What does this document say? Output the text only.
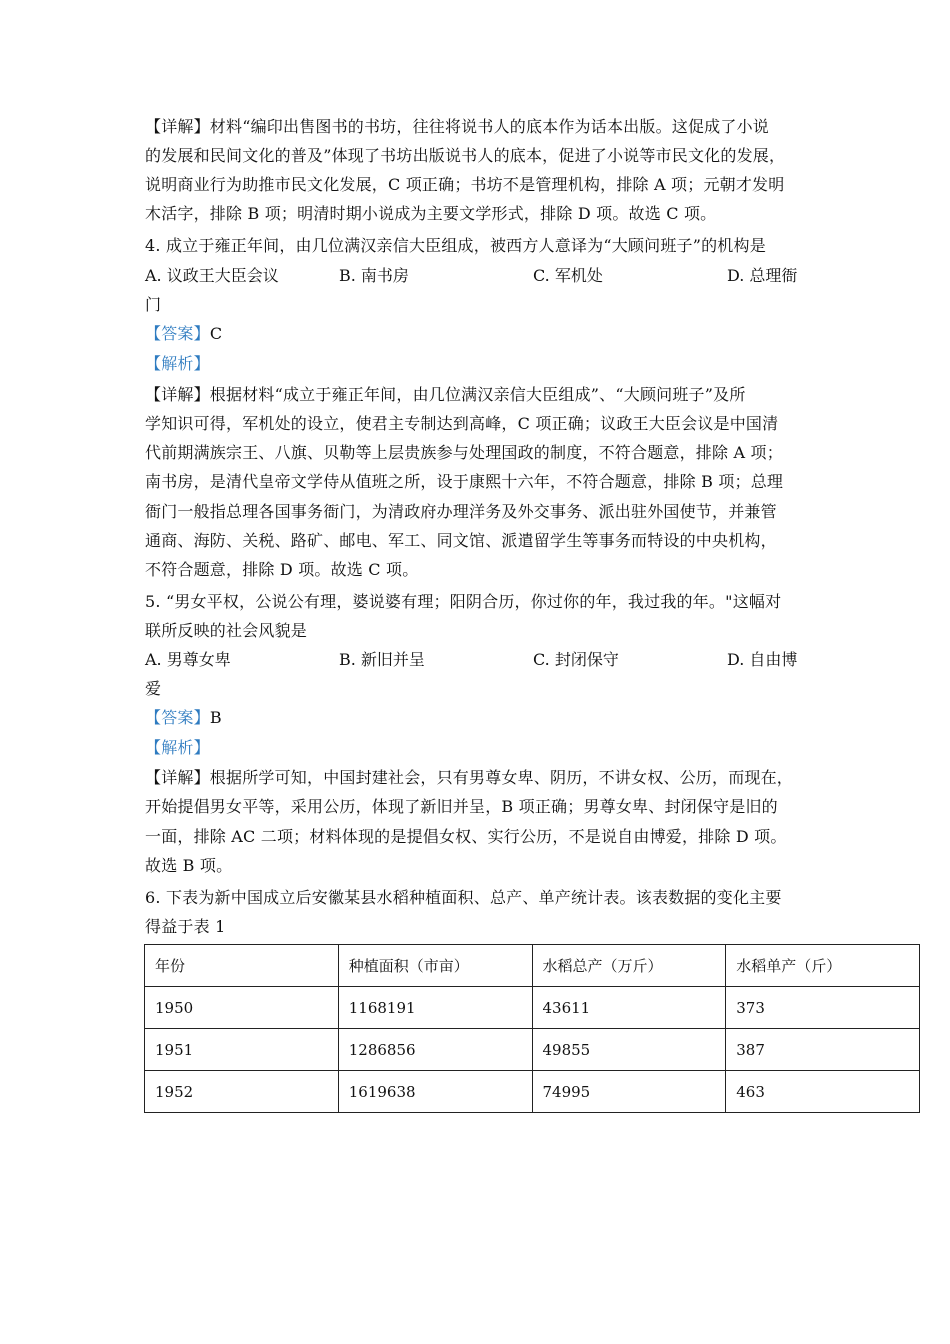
【详解】材料“编印出售图书的书坊，往往将说书人的底本作为话本出版。这促成了小说
的发展和民间文化的普及”体现了书坊出版说书人的底本，促进了小说等市民文化的发展，
说明商业行为助推市民文化发展，C 项正确；书坊不是管理机构，排除 A 项；元朝才发明
木活字，排除 B 项；明清时期小说成为主要文学形式，排除 D 项。故选 C 项。
4. 成立于雍正年间，由几位满汉亲信大臣组成，被西方人意译为“大顾问班子”的机构是
A. 议政王大臣会议	B. 南书房	C. 军机处	D. 总理衙
门
【答案】C
【解析】
【详解】根据材料“成立于雍正年间，由几位满汉亲信大臣组成”、“大顾问班子”及所
学知识可得，军机处的设立，使君主专制达到高峰，C 项正确；议政王大臣会议是中国清
代前期满族宗王、八旗、贝勒等上层贵族参与处理国政的制度，不符合题意，排除 A 项；
南书房，是清代皇帝文学侍从值班之所，设于康熙十六年，不符合题意，排除 B 项；总理
衙门一般指总理各国事务衙门，为清政府办理洋务及外交事务、派出驻外国使节，并兼管
通商、海防、关税、路矿、邮电、军工、同文馆、派遣留学生等事务而特设的中央机构，
不符合题意，排除 D 项。故选 C 项。
5. “男女平权，公说公有理，婆说婆有理；阳阴合历，你过你的年，我过我的年。"这幅对
联所反映的社会风貌是
A. 男尊女卑	B. 新旧并呈	C. 封闭保守	D. 自由博
爱
【答案】B
【解析】
【详解】根据所学可知，中国封建社会，只有男尊女卑、阴历，不讲女权、公历，而现在，
开始提倡男女平等，采用公历，体现了新旧并呈，B 项正确；男尊女卑、封闭保守是旧的
一面，排除 AC 二项；材料体现的是提倡女权、实行公历，不是说自由博爱，排除 D 项。
故选 B 项。
6. 下表为新中国成立后安徽某县水稻种植面积、总产、单产统计表。该表数据的变化主要
得益于表 1
年份	种植面积（市亩）	水稻总产（万斤）	水稻单产（斤）
1950	1168191	43611	373
1951	1286856	49855	387
1952	1619638	74995	463
